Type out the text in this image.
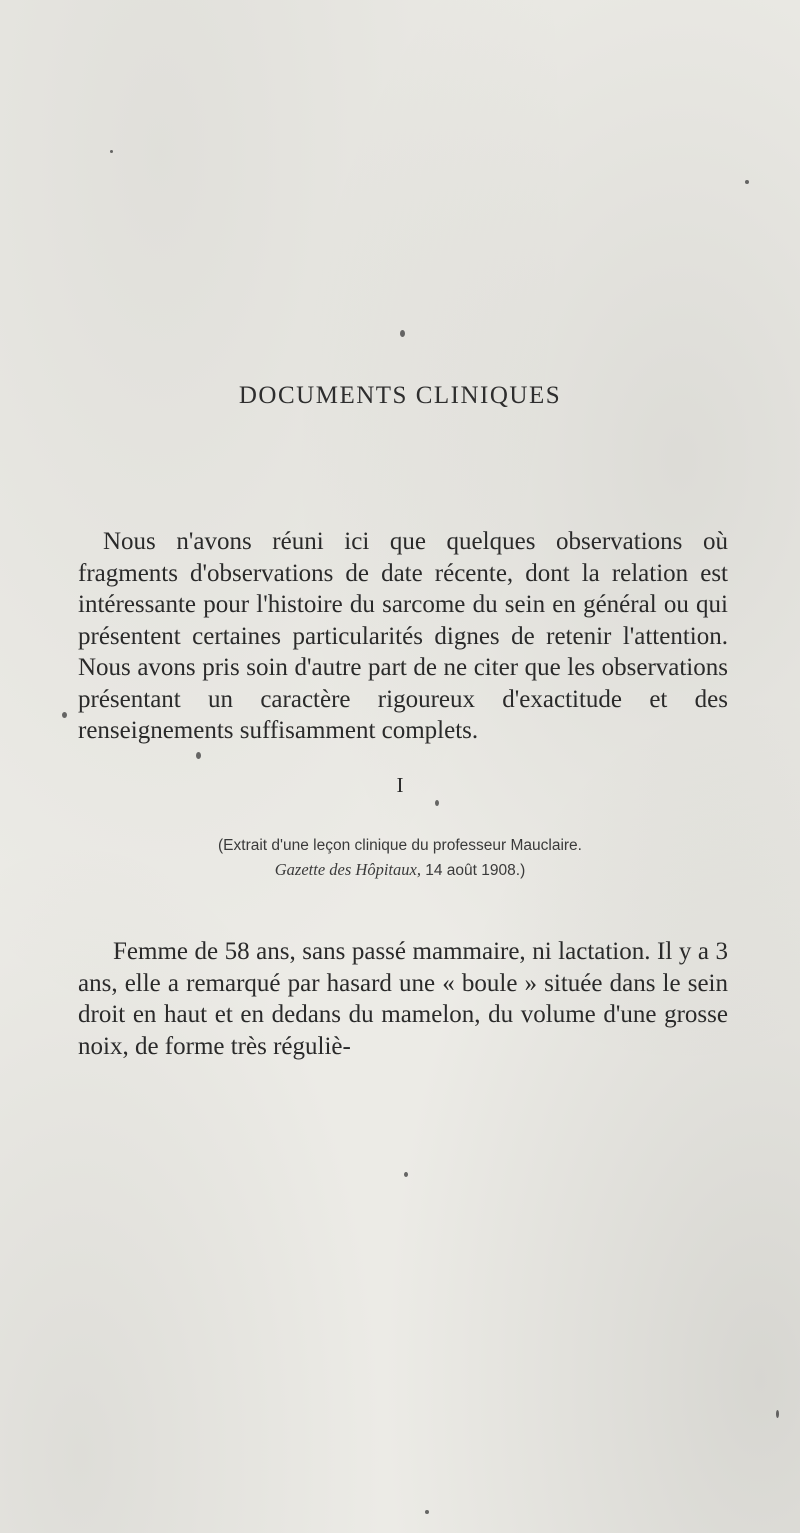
DOCUMENTS CLINIQUES

Nous n'avons réuni ici que quelques observations où fragments d'observations de date récente, dont la relation est intéressante pour l'histoire du sarcome du sein en général ou qui présentent certaines particularités dignes de retenir l'attention. Nous avons pris soin d'autre part de ne citer que les observations présentant un caractère rigoureux d'exactitude et des renseignements suffisamment complets.

I

(Extrait d'une leçon clinique du professeur Mauclaire.
Gazette des Hôpitaux, 14 août 1908.)

Femme de 58 ans, sans passé mammaire, ni lactation. Il y a 3 ans, elle a remarqué par hasard une « boule » située dans le sein droit en haut et en dedans du mamelon, du volume d'une grosse noix, de forme très réguliè-
